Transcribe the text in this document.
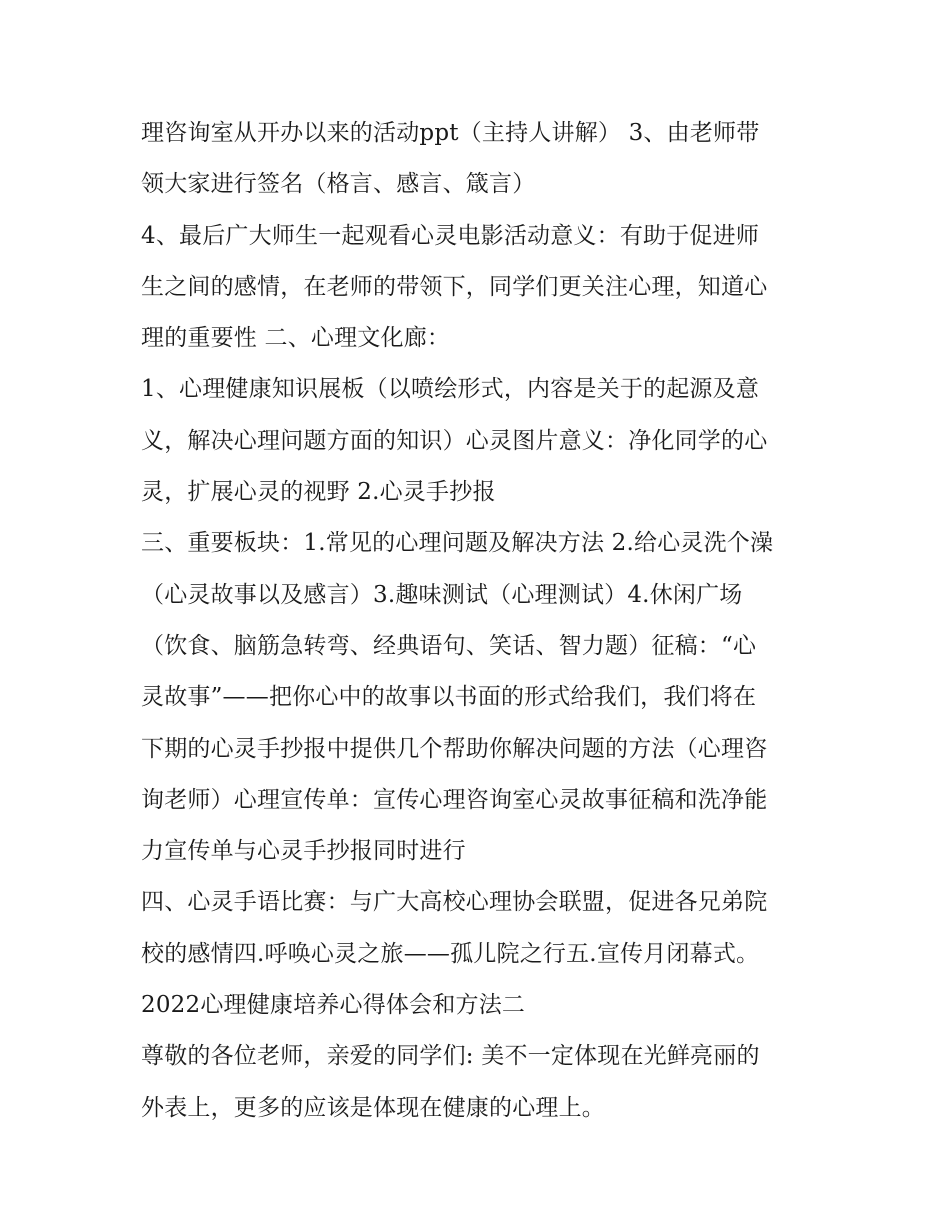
理咨询室从开办以来的活动ppt（主持人讲解） 3、由老师带
领大家进行签名（格言、感言、箴言）
4、最后广大师生一起观看心灵电影活动意义：有助于促进师
生之间的感情，在老师的带领下，同学们更关注心理，知道心
理的重要性 二、心理文化廊：
1、心理健康知识展板（以喷绘形式，内容是关于的起源及意
义，解决心理问题方面的知识）心灵图片意义：净化同学的心
灵，扩展心灵的视野 2.心灵手抄报
三、重要板块：1.常见的心理问题及解决方法 2.给心灵洗个澡
（心灵故事以及感言）3.趣味测试（心理测试）4.休闲广场
（饮食、脑筋急转弯、经典语句、笑话、智力题）征稿：“心
灵故事”——把你心中的故事以书面的形式给我们，我们将在
下期的心灵手抄报中提供几个帮助你解决问题的方法（心理咨
询老师）心理宣传单：宣传心理咨询室心灵故事征稿和洗净能
力宣传单与心灵手抄报同时进行
四、心灵手语比赛：与广大高校心理协会联盟，促进各兄弟院
校的感情四.呼唤心灵之旅——孤儿院之行五.宣传月闭幕式。
2022心理健康培养心得体会和方法二
尊敬的各位老师，亲爱的同学们: 美不一定体现在光鲜亮丽的
外表上，更多的应该是体现在健康的心理上。
